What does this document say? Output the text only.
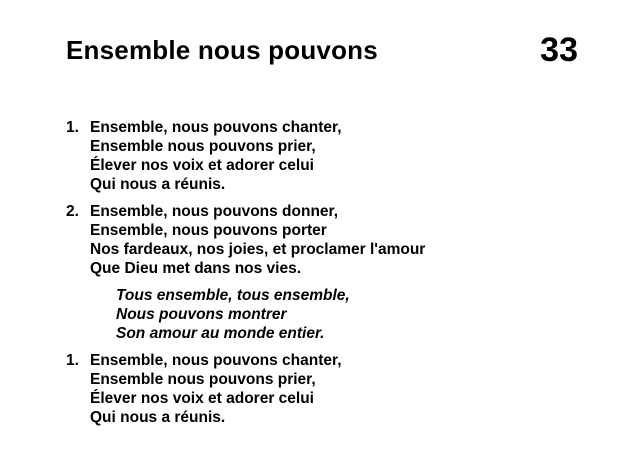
Ensemble nous pouvons	33
1. Ensemble, nous pouvons chanter,
Ensemble nous pouvons prier,
Élever nos voix et adorer celui
Qui nous a réunis.
2. Ensemble, nous pouvons donner,
Ensemble, nous pouvons porter
Nos fardeaux, nos joies, et proclamer l'amour
Que Dieu met dans nos vies.
Tous ensemble, tous ensemble,
Nous pouvons montrer
Son amour au monde entier.
1. Ensemble, nous pouvons chanter,
Ensemble nous pouvons prier,
Élever nos voix et adorer celui
Qui nous a réunis.
